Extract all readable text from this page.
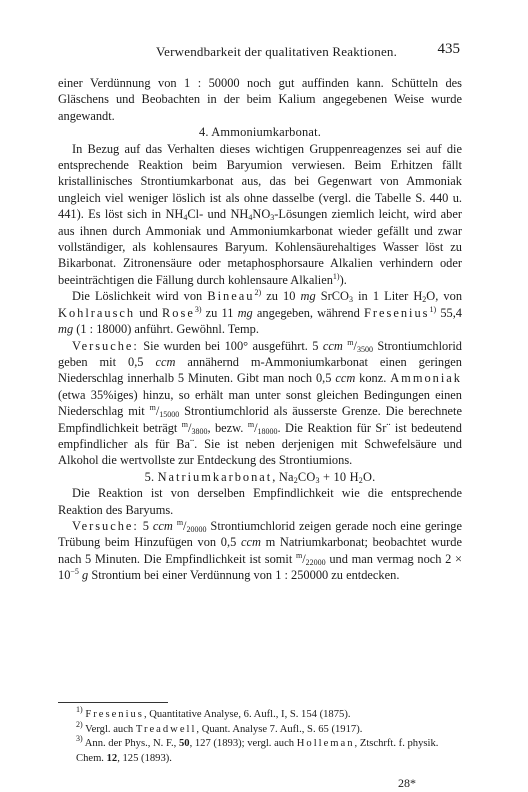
Verwendbarkeit der qualitativen Reaktionen.	435

einer Verdünnung von 1 : 50000 noch gut auffinden kann. Schütteln des Gläschens und Beobachten in der beim Kalium angegebenen Weise wurde angewandt.

4. Ammoniumkarbonat.

In Bezug auf das Verhalten dieses wichtigen Gruppenreagenzes sei auf die entsprechende Reaktion beim Baryumion verwiesen. Beim Erhitzen fällt kristallinisches Strontiumkarbonat aus, das bei Gegenwart von Ammoniak ungleich viel weniger löslich ist als ohne dasselbe (vergl. die Tabelle S. 440 u. 441). Es löst sich in $NH_4Cl-$ und $NH_4NO_3$-Lösungen ziemlich leicht, wird aber aus ihnen durch Ammoniak und Ammoniumkarbonat wieder gefällt und zwar vollständiger, als kohlensaures Baryum. Kohlensäurehaltiges Wasser löst zu Bikarbonat. Zitronensäure oder metaphosphorsaure Alkalien verhindern oder beeinträchtigen die Fällung durch kohlensaure Alkalien$^{1)}$).

Die Löslichkeit wird von Bineau$^{2)}$ zu 10 mg SrCO$_3$ in 1 Liter $H_2O$, von Kohlrausch und Rose$^{3)}$ zu 11 mg angegeben, während Fresenius$^{1)}$ 55,4 mg (1 : 18000) anführt. Gewöhnl. Temp.

Versuche: Sie wurden bei 100° ausgeführt. 5 ccm $^m/_{3500}$ Strontiumchlorid geben mit 0,5 ccm annähernd m-Ammoniumkarbonat einen geringen Niederschlag innerhalb 5 Minuten. Gibt man noch 0,5 ccm konz. Ammoniak (etwa 35%iges) hinzu, so erhält man unter sonst gleichen Bedingungen einen Niederschlag mit $^m/_{15000}$ Strontiumchlorid als äusserste Grenze. Die berechnete Empfindlichkeit beträgt $^m/_{3800}$, bezw. $^m/_{18000}$. Die Reaktion für Sr¨ ist bedeutend empfindlicher als für Ba¨. Sie ist neben derjenigen mit Schwefelsäure und Alkohol die wertvollste zur Entdeckung des Strontiumions.

5. Natriumkarbonat, $Na_2CO_3 + 10$ $H_2O$.

Die Reaktion ist von derselben Empfindlichkeit wie die entsprechende Reaktion des Baryums.

Versuche: 5 ccm $^m/_{20000}$ Strontiumchlorid zeigen gerade noch eine geringe Trübung beim Hinzufügen von 0,5 ccm m Natriumkarbonat; beobachtet wurde nach 5 Minuten. Die Empfindlichkeit ist somit $^m/_{22000}$ und man vermag noch $2 \times 10^{-5}$ g Strontium bei einer Verdünnung von 1 : 250000 zu entdecken.

$^{1)}$ Fresenius, Quantitative Analyse, 6. Aufl., I, S. 154 (1875).

$^{2)}$ Vergl. auch Treadwell, Quant. Analyse 7. Aufl., S. 65 (1917).

$^{3)}$ Ann. der Phys., N. F., 50, 127 (1893); vergl. auch Holleman, Ztschrft. f. physik. Chem. 12, 125 (1893).

28*
